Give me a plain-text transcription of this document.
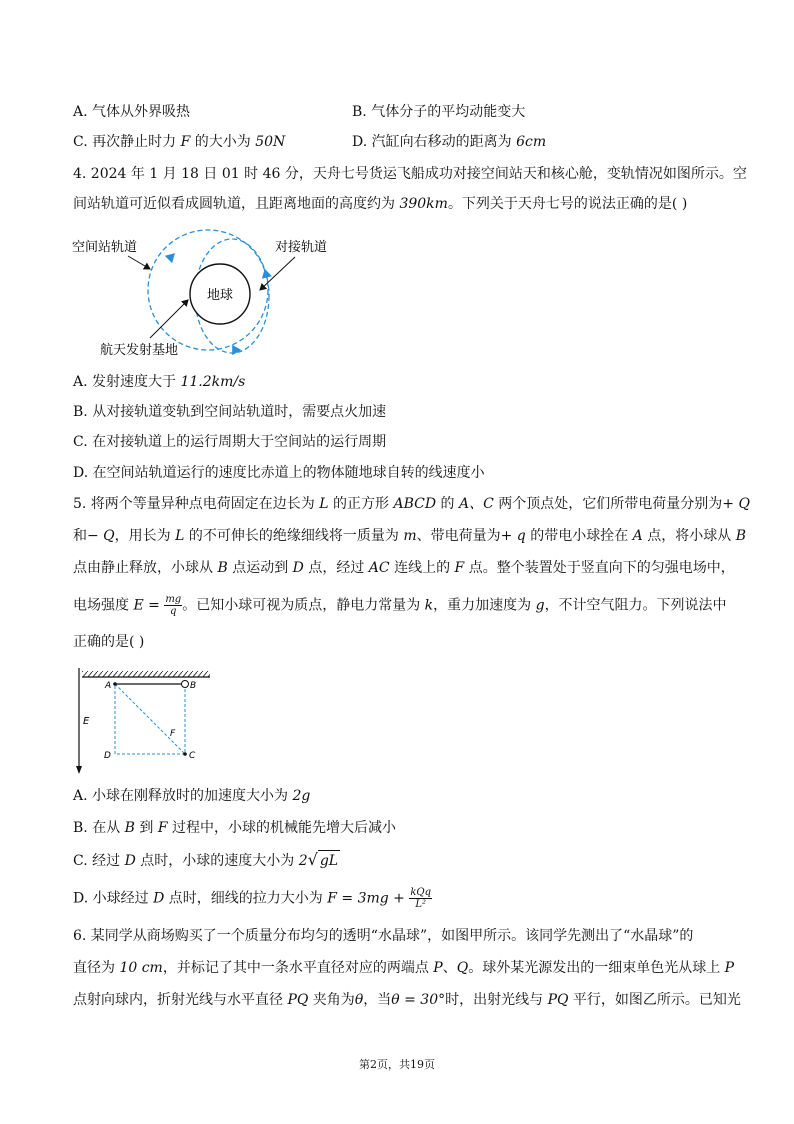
A. 气体从外界吸热	B. 气体分子的平均动能变大
C. 再次静止时力 F 的大小为 50N	D. 汽缸向右移动的距离为 6cm
4. 2024 年 1 月 18 日 01 时 46 分，天舟七号货运飞船成功对接空间站天和核心舱，变轨情况如图所示。空
间站轨道可近似看成圆轨道，且距离地面的高度约为 390km。下列关于天舟七号的说法正确的是( )
地球
空间站轨道	对接轨道
航天发射基地
A. 发射速度大于 11.2km/s
B. 从对接轨道变轨到空间站轨道时，需要点火加速
C. 在对接轨道上的运行周期大于空间站的运行周期
D. 在空间站轨道运行的速度比赤道上的物体随地球自转的线速度小
5. 将两个等量异种点电荷固定在边长为 L 的正方形 ABCD 的 A、C 两个顶点处，它们所带电荷量分别为+ Q
和− Q，用长为 L 的不可伸长的绝缘细线将一质量为 m、带电荷量为+ q 的带电小球拴在 A 点，将小球从 B
点由静止释放，小球从 B 点运动到 D 点，经过 AC 连线上的 F 点。整个装置处于竖直向下的匀强电场中，
电场强度 $E = \frac{mg}{q}$ 。已知小球可视为质点，静电力常量为 k，重力加速度为 g，不计空气阻力。下列说法中
正确的是( )
E
A	B
C
D
F
A. 小球在刚释放时的加速度大小为 2g
B. 在从 B 到 F 过程中，小球的机械能先增大后减小
C. 经过 D 点时，小球的速度大小为 2√ gL
D. 小球经过 D 点时，细线的拉力大小为 $F = 3mg + \frac{\text{kQq}}{\text{L²}}$
6. 某同学从商场购买了一个质量分布均匀的透明“水晶球”，如图甲所示。该同学先测出了“水晶球”的
直径为 10 cm，并标记了其中一条水平直径对应的两端点 P、Q。球外某光源发出的一细束单色光从球上 P
点射向球内，折射光线与水平直径 PQ 夹角为θ，当θ = 30°时，出射光线与 PQ 平行，如图乙所示。已知光
第2页，共19页
